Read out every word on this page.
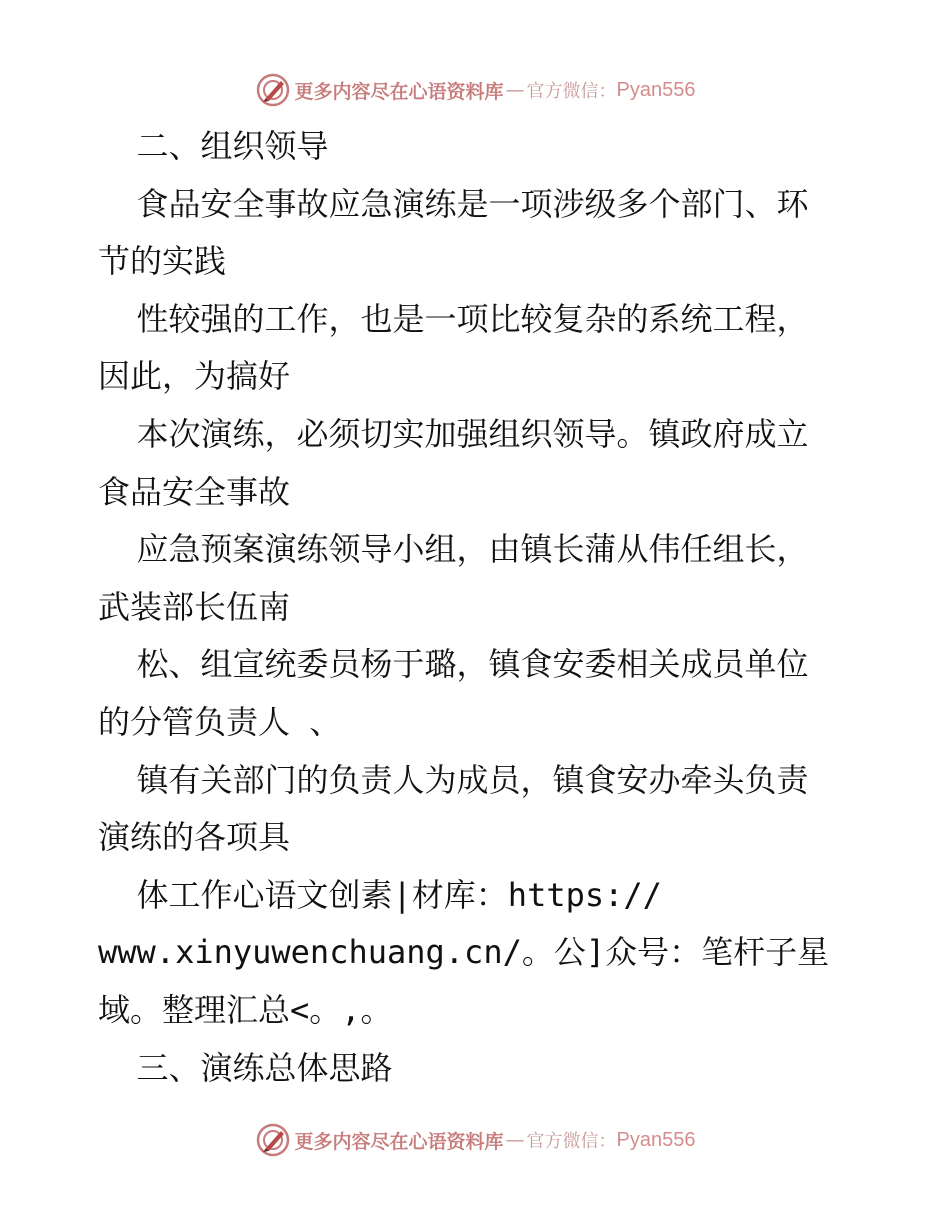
更多内容尽在心语资料库 — 官方微信： Pyan556
二、组织领导
食品安全事故应急演练是一项涉级多个部门、环
节的实践
性较强的工作，也是一项比较复杂的系统工程，
因此，为搞好
本次演练，必须切实加强组织领导。镇政府成立
食品安全事故
应急预案演练领导小组，由镇长蒲从伟任组长，
武装部长伍南
松、组宣统委员杨于璐，镇食安委相关成员单位
的分管负责人 、
镇有关部门的负责人为成员，镇食安办牵头负责
演练的各项具
体工作心语文创素|材库：https://
www.xinyuwenchuang.cn/。公]众号：笔杆子星
域。整理汇总<。,。
三、演练总体思路
更多内容尽在心语资料库 — 官方微信： Pyan556
